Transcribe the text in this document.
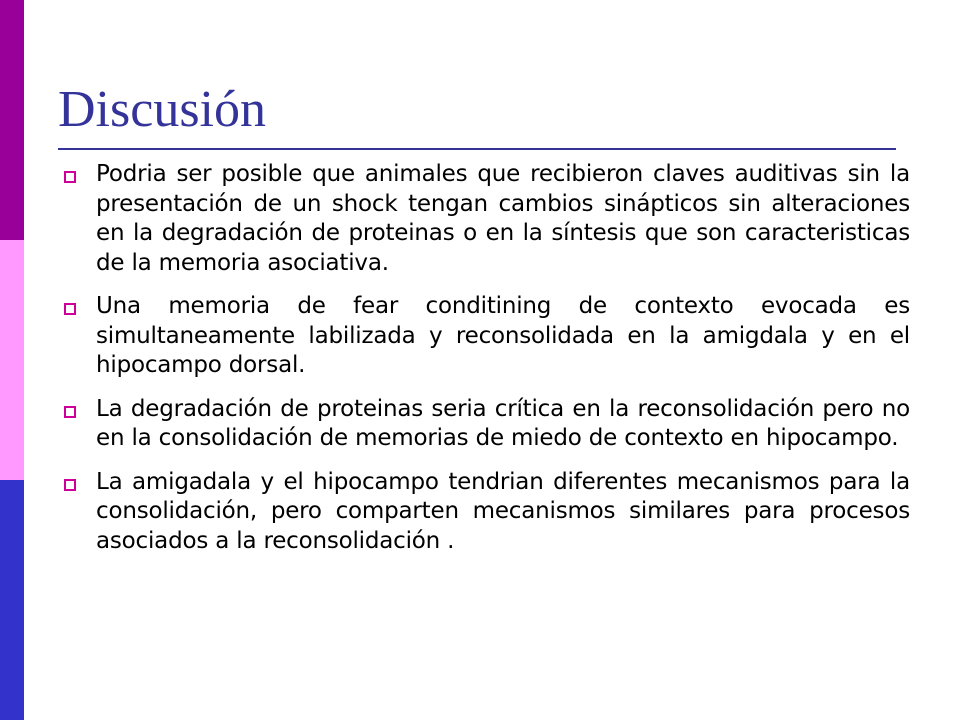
Discusión
Podria ser posible que animales que recibieron claves auditivas sin la presentación de un shock tengan cambios sinápticos sin alteraciones en la degradación de proteinas o en la síntesis que son caracteristicas de la memoria asociativa.
Una memoria de fear conditining de contexto evocada es simultaneamente labilizada y reconsolidada en la amigdala y en el hipocampo dorsal.
La degradación de proteinas seria crítica en la reconsolidación pero no en la consolidación de memorias de miedo de contexto en hipocampo.
La amigadala y el hipocampo tendrian diferentes mecanismos para la consolidación, pero comparten mecanismos similares para procesos asociados a la reconsolidación .
